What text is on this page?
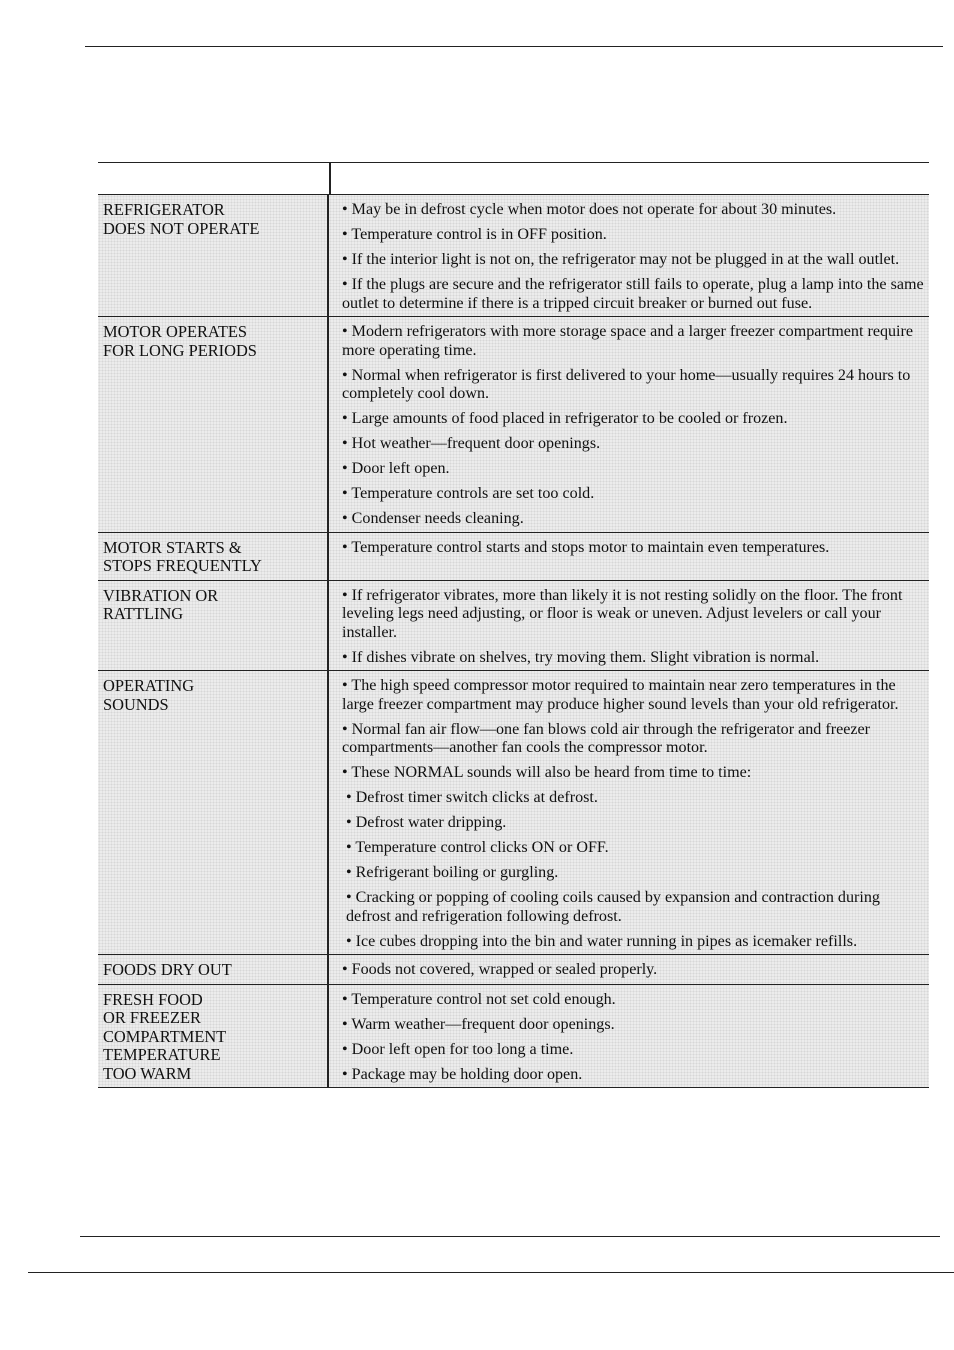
REFRIGERATOR
DOES NOT OPERATE
• May be in defrost cycle when motor does not operate for about 30 minutes.
• Temperature control is in OFF position.
• If the interior light is not on, the refrigerator may not be plugged in at the wall outlet.
• If the plugs are secure and the refrigerator still fails to operate, plug a lamp into the same outlet to determine if there is a tripped circuit breaker or burned out fuse.
MOTOR OPERATES
FOR LONG PERIODS
• Modern refrigerators with more storage space and a larger freezer compartment require more operating time.
• Normal when refrigerator is first delivered to your home—usually requires 24 hours to completely cool down.
• Large amounts of food placed in refrigerator to be cooled or frozen.
• Hot weather—frequent door openings.
• Door left open.
• Temperature controls are set too cold.
• Condenser needs cleaning.
MOTOR STARTS &
STOPS FREQUENTLY
• Temperature control starts and stops motor to maintain even temperatures.
VIBRATION OR
RATTLING
• If refrigerator vibrates, more than likely it is not resting solidly on the floor. The front leveling legs need adjusting, or floor is weak or uneven. Adjust levelers or call your installer.
• If dishes vibrate on shelves, try moving them. Slight vibration is normal.
OPERATING
SOUNDS
• The high speed compressor motor required to maintain near zero temperatures in the large freezer compartment may produce higher sound levels than your old refrigerator.
• Normal fan air flow—one fan blows cold air through the refrigerator and freezer compartments—another fan cools the compressor motor.
• These NORMAL sounds will also be heard from time to time:
• Defrost timer switch clicks at defrost.
• Defrost water dripping.
• Temperature control clicks ON or OFF.
• Refrigerant boiling or gurgling.
• Cracking or popping of cooling coils caused by expansion and contraction during defrost and refrigeration following defrost.
• Ice cubes dropping into the bin and water running in pipes as icemaker refills.
FOODS DRY OUT	• Foods not covered, wrapped or sealed properly.
FRESH FOOD
OR FREEZER
COMPARTMENT
TEMPERATURE
TOO WARM
• Temperature control not set cold enough.
• Warm weather—frequent door openings.
• Door left open for too long a time.
• Package may be holding door open.
